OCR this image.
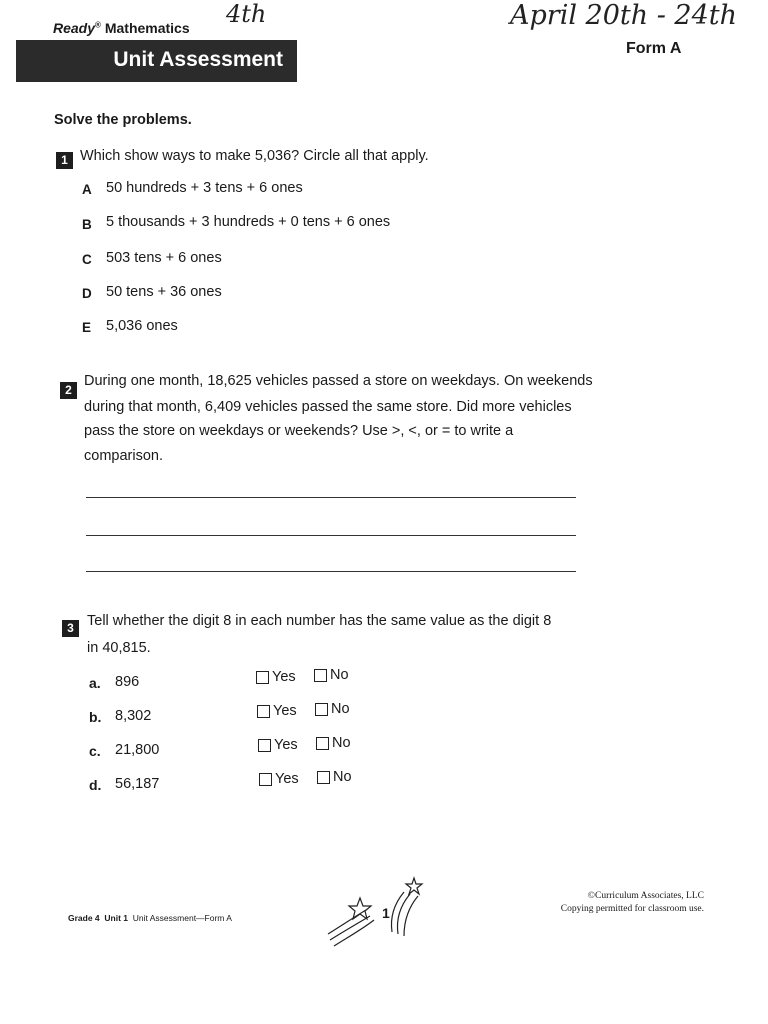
Ready® Mathematics 4th	April 20th - 24th
Unit Assessment	Form A
Solve the problems.
1 Which show ways to make 5,036? Circle all that apply.
A 50 hundreds + 3 tens + 6 ones
B 5 thousands + 3 hundreds + 0 tens + 6 ones
C 503 tens + 6 ones
D 50 tens + 36 ones
E 5,036 ones
2
During one month, 18,625 vehicles passed a store on weekdays. On weekends
during that month, 6,409 vehicles passed the same store. Did more vehicles
pass the store on weekdays or weekends? Use >, <, or = to write a
comparison.
3 Tell whether the digit 8 in each number has the same value as the digit 8
in 40,815.
a. 896	Yes No
b. 8,302	Yes No
c. 21,800	Yes No
d. 56,187	Yes No
Grade 4 Unit 1 Unit Assessment—Form A	1
©Curriculum Associates, LLC
Copying permitted for classroom use.
